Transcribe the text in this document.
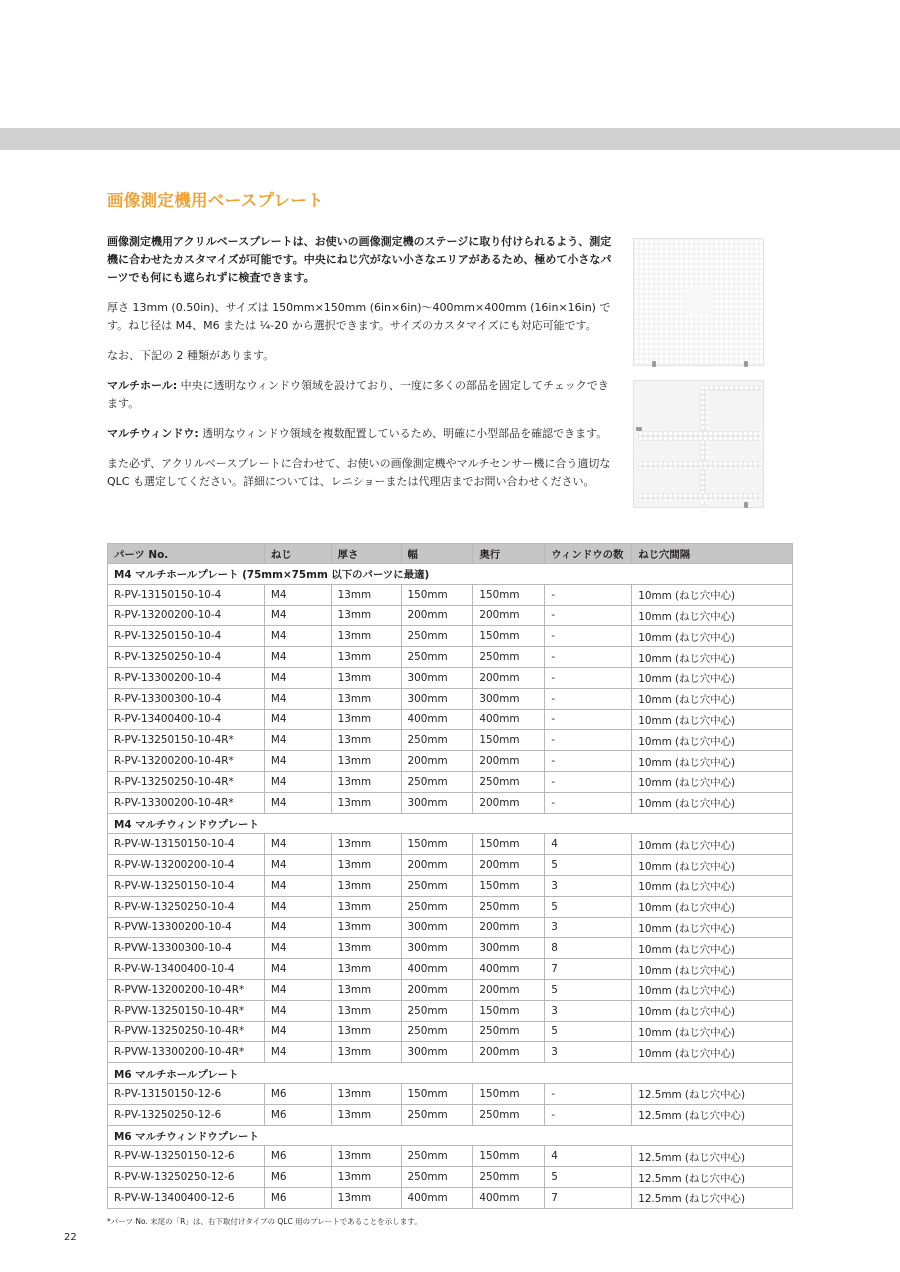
画像測定機用ベースプレート

画像測定機用アクリルベースプレートは、お使いの画像測定機のステージに取り付けられるよう、測定機に合わせたカスタマイズが可能です。中央にねじ穴がない小さなエリアがあるため、極めて小さなパーツでも何にも遮られずに検査できます。

厚さ 13mm (0.50in)、サイズは 150mm×150mm (6in×6in)～400mm×400mm (16in×16in) です。ねじ径は M4、M6 または ¼-20 から選択できます。サイズのカスタマイズにも対応可能です。

なお、下記の 2 種類があります。

マルチホール: 中央に透明なウィンドウ領域を設けており、一度に多くの部品を固定してチェックできます。

マルチウィンドウ: 透明なウィンドウ領域を複数配置しているため、明確に小型部品を確認できます。

また必ず、アクリルベースプレートに合わせて、お使いの画像測定機やマルチセンサー機に合う適切な QLC も選定してください。詳細については、レニショーまたは代理店までお問い合わせください。

パーツ No.	ねじ	厚さ	幅	奥行	ウィンドウの数	ねじ穴間隔
M4 マルチホールプレート (75mm×75mm 以下のパーツに最適)						
R-PV-13150150-10-4	M4	13mm	150mm	150mm	-	10mm (ねじ穴中心)
R-PV-13200200-10-4	M4	13mm	200mm	200mm	-	10mm (ねじ穴中心)
R-PV-13250150-10-4	M4	13mm	250mm	150mm	-	10mm (ねじ穴中心)
R-PV-13250250-10-4	M4	13mm	250mm	250mm	-	10mm (ねじ穴中心)
R-PV-13300200-10-4	M4	13mm	300mm	200mm	-	10mm (ねじ穴中心)
R-PV-13300300-10-4	M4	13mm	300mm	300mm	-	10mm (ねじ穴中心)
R-PV-13400400-10-4	M4	13mm	400mm	400mm	-	10mm (ねじ穴中心)
R-PV-13250150-10-4R*	M4	13mm	250mm	150mm	-	10mm (ねじ穴中心)
R-PV-13200200-10-4R*	M4	13mm	200mm	200mm	-	10mm (ねじ穴中心)
R-PV-13250250-10-4R*	M4	13mm	250mm	250mm	-	10mm (ねじ穴中心)
R-PV-13300200-10-4R*	M4	13mm	300mm	200mm	-	10mm (ねじ穴中心)
M4 マルチウィンドウプレート						
R-PV-W-13150150-10-4	M4	13mm	150mm	150mm	4	10mm (ねじ穴中心)
R-PV-W-13200200-10-4	M4	13mm	200mm	200mm	5	10mm (ねじ穴中心)
R-PV-W-13250150-10-4	M4	13mm	250mm	150mm	3	10mm (ねじ穴中心)
R-PV-W-13250250-10-4	M4	13mm	250mm	250mm	5	10mm (ねじ穴中心)
R-PVW-13300200-10-4	M4	13mm	300mm	200mm	3	10mm (ねじ穴中心)
R-PVW-13300300-10-4	M4	13mm	300mm	300mm	8	10mm (ねじ穴中心)
R-PV-W-13400400-10-4	M4	13mm	400mm	400mm	7	10mm (ねじ穴中心)
R-PVW-13200200-10-4R*	M4	13mm	200mm	200mm	5	10mm (ねじ穴中心)
R-PVW-13250150-10-4R*	M4	13mm	250mm	150mm	3	10mm (ねじ穴中心)
R-PVW-13250250-10-4R*	M4	13mm	250mm	250mm	5	10mm (ねじ穴中心)
R-PVW-13300200-10-4R*	M4	13mm	300mm	200mm	3	10mm (ねじ穴中心)
M6 マルチホールプレート						
R-PV-13150150-12-6	M6	13mm	150mm	150mm	-	12.5mm (ねじ穴中心)
R-PV-13250250-12-6	M6	13mm	250mm	250mm	-	12.5mm (ねじ穴中心)
M6 マルチウィンドウプレート						
R-PV-W-13250150-12-6	M6	13mm	250mm	150mm	4	12.5mm (ねじ穴中心)
R-PV-W-13250250-12-6	M6	13mm	250mm	250mm	5	12.5mm (ねじ穴中心)
R-PV-W-13400400-12-6	M6	13mm	400mm	400mm	7	12.5mm (ねじ穴中心)
*パーツ No. 末尾の「R」は、右下取付けタイプの QLC 用のプレートであることを示します。
22
